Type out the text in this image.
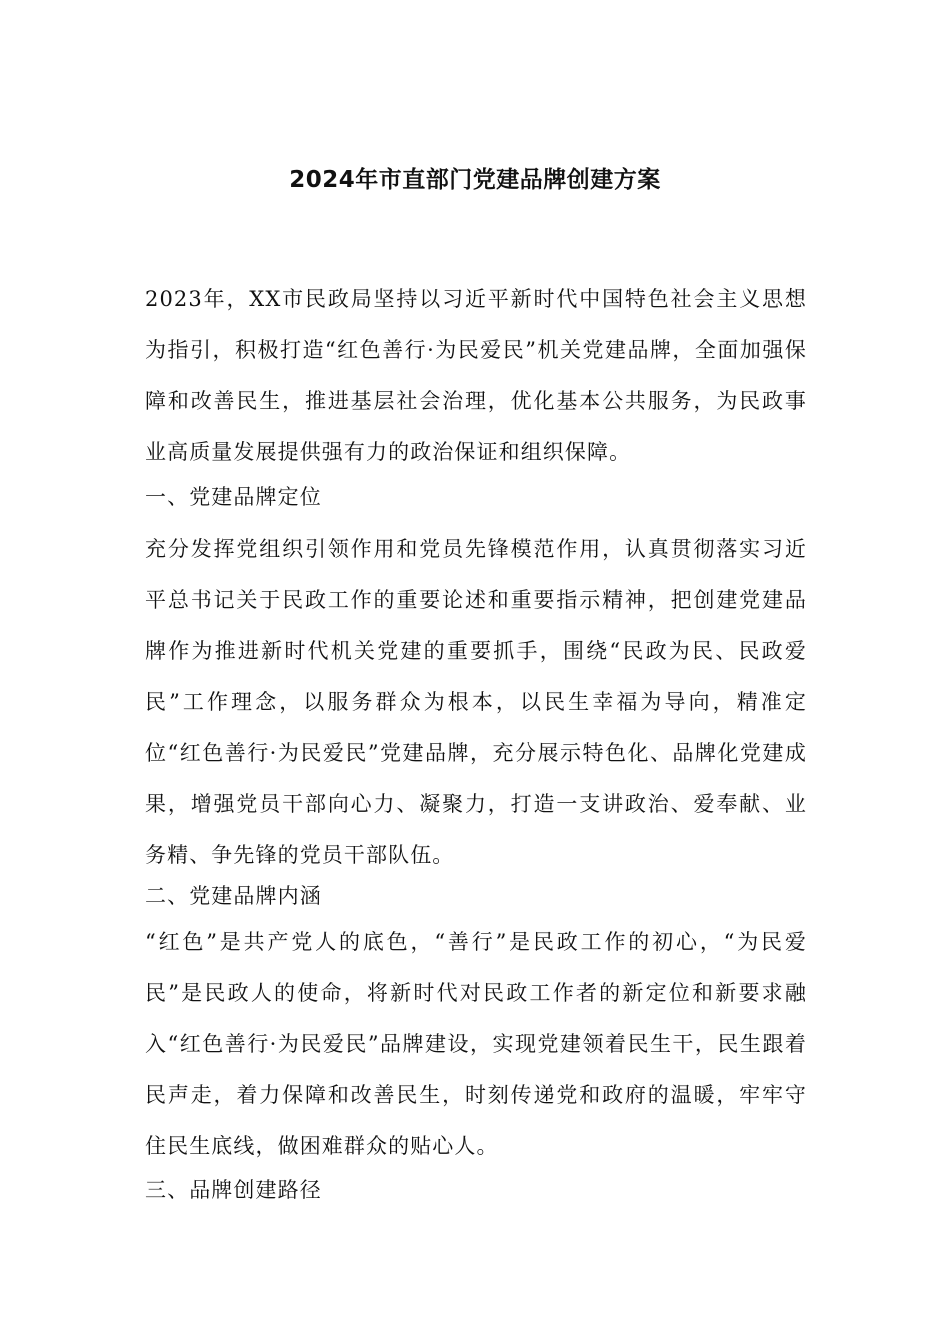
2024年市直部门党建品牌创建方案

2023年，XX市民政局坚持以习近平新时代中国特色社会主义思想为指引，积极打造“红色善行·为民爱民”机关党建品牌，全面加强保障和改善民生，推进基层社会治理，优化基本公共服务，为民政事业高质量发展提供强有力的政治保证和组织保障。

一、党建品牌定位

充分发挥党组织引领作用和党员先锋模范作用，认真贯彻落实习近平总书记关于民政工作的重要论述和重要指示精神，把创建党建品牌作为推进新时代机关党建的重要抓手，围绕“民政为民、民政爱民”工作理念，以服务群众为根本，以民生幸福为导向，精准定位“红色善行·为民爱民”党建品牌，充分展示特色化、品牌化党建成果，增强党员干部向心力、凝聚力，打造一支讲政治、爱奉献、业务精、争先锋的党员干部队伍。

二、党建品牌内涵

“红色”是共产党人的底色，“善行”是民政工作的初心，“为民爱民”是民政人的使命，将新时代对民政工作者的新定位和新要求融入“红色善行·为民爱民”品牌建设，实现党建领着民生干，民生跟着民声走，着力保障和改善民生，时刻传递党和政府的温暖，牢牢守住民生底线，做困难群众的贴心人。

三、品牌创建路径
